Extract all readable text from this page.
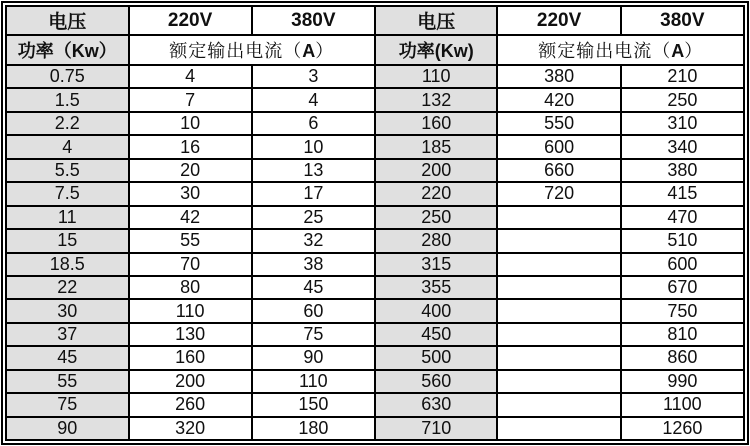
电压	220V	380V	电压	220V	380V
功率（Kw）	额定输出电流（A）		功率(Kw)	额定输出电流（A）	
0.75	4	3	110	380	210
1.5	7	4	132	420	250
2.2	10	6	160	550	310
4	16	10	185	600	340
5.5	20	13	200	660	380
7.5	30	17	220	720	415
11	42	25	250		470
15	55	32	280		510
18.5	70	38	315		600
22	80	45	355		670
30	110	60	400		750
37	130	75	450		810
45	160	90	500		860
55	200	110	560		990
75	260	150	630		1100
90	320	180	710		1260
